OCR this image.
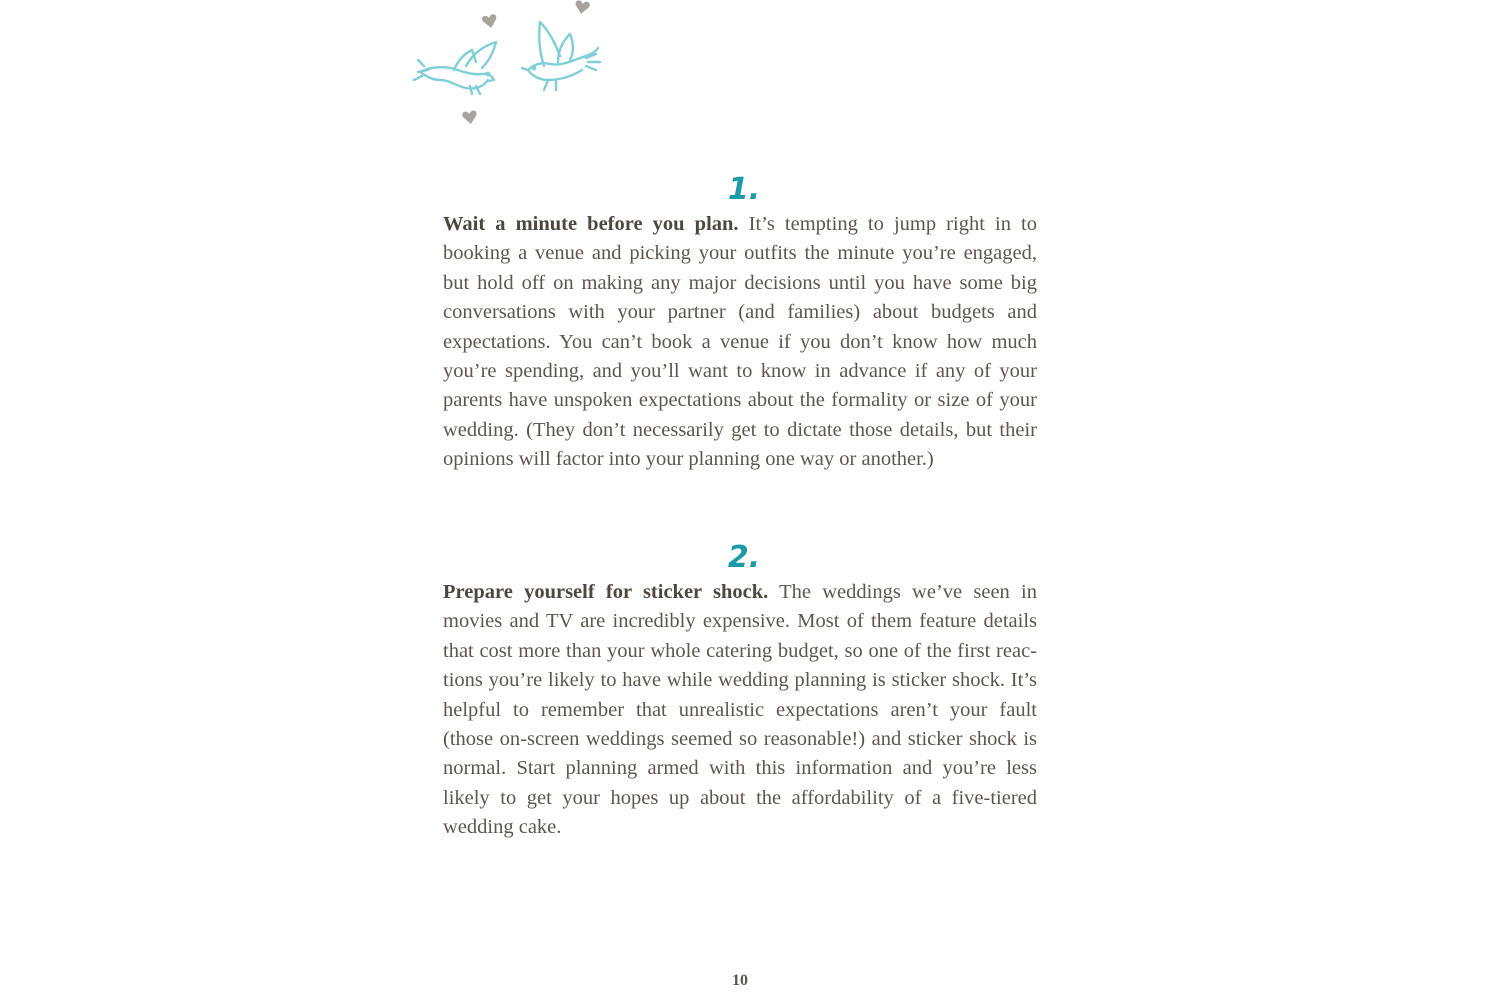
1.

Wait a minute before you plan. It’s tempting to jump right in to booking a venue and picking your outfits the minute you’re engaged, but hold off on making any major decisions until you have some big conversations with your partner (and families) about budgets and expectations. You can’t book a venue if you don’t know how much you’re spending, and you’ll want to know in advance if any of your parents have unspoken expectations about the formality or size of your wedding. (They don’t necessarily get to dictate those details, but their opinions will factor into your planning one way or another.)

2.

Prepare yourself for sticker shock. The weddings we’ve seen in movies and TV are incredibly expensive. Most of them feature details that cost more than your whole catering budget, so one of the first reactions you’re likely to have while wedding planning is sticker shock. It’s helpful to remember that unrealistic expectations aren’t your fault (those on-screen weddings seemed so reasonable!) and sticker shock is normal. Start planning armed with this information and you’re less likely to get your hopes up about the affordability of a five-tiered wedding cake.

10
